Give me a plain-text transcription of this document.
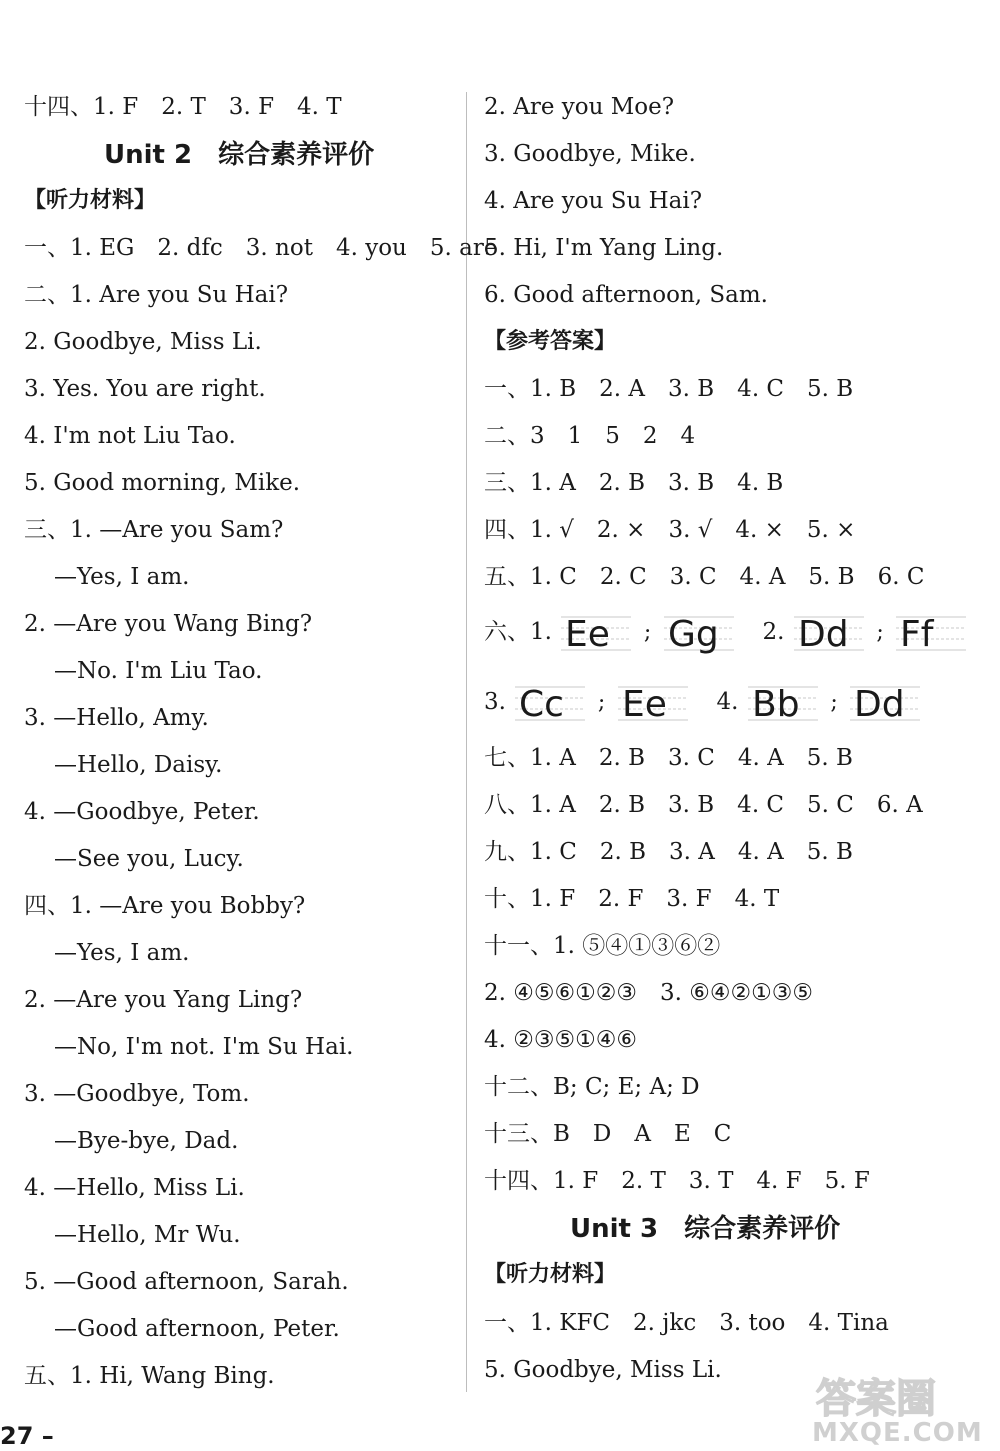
十四、1. F　2. T　3. F　4. T
Unit 2　综合素养评价
【听力材料】
一、1. EG　2. dfc　3. not　4. you　5. are
二、1. Are you Su Hai?
2. Goodbye, Miss Li.
3. Yes. You are right.
4. I'm not Liu Tao.
5. Good morning, Mike.
三、1. —Are you Sam?
—Yes, I am.
2. —Are you Wang Bing?
—No. I'm Liu Tao.
3. —Hello, Amy.
—Hello, Daisy.
4. —Goodbye, Peter.
—See you, Lucy.
四、1. —Are you Bobby?
—Yes, I am.
2. —Are you Yang Ling?
—No, I'm not. I'm Su Hai.
3. —Goodbye, Tom.
—Bye-bye, Dad.
4. —Hello, Miss Li.
—Hello, Mr Wu.
5. —Good afternoon, Sarah.
—Good afternoon, Peter.
五、1. Hi, Wang Bing.
2. Are you Moe?
3. Goodbye, Mike.
4. Are you Su Hai?
5. Hi, I'm Yang Ling.
6. Good afternoon, Sam.
【参考答案】
一、1. B　2. A　3. B　4. C　5. B
二、3　1　5　2　4
三、1. A　2. B　3. B　4. B
四、1. √　2. ×　3. √　4. ×　5. ×
五、1. C　2. C　3. C　4. A　5. B　6. C
六、1. Ee ; Gg 2. Dd ; Ff
3. Cc ; Ee 4. Bb ; Dd
七、1. A　2. B　3. C　4. A　5. B
八、1. A　2. B　3. B　4. C　5. C　6. A
九、1. C　2. B　3. A　4. A　5. B
十、1. F　2. F　3. F　4. T
十一、1. ⑤④①③⑥②
2. ④⑤⑥①②③　3. ⑥④②①③⑤
4. ②③⑤①④⑥
十二、B; C; E; A; D
十三、B　D　A　E　C
十四、1. F　2. T　3. T　4. F　5. F
Unit 3　综合素养评价
【听力材料】
一、1. KFC　2. jkc　3. too　4. Tina
5. Goodbye, Miss Li.
27 –
答案圈
MXQE.COM
